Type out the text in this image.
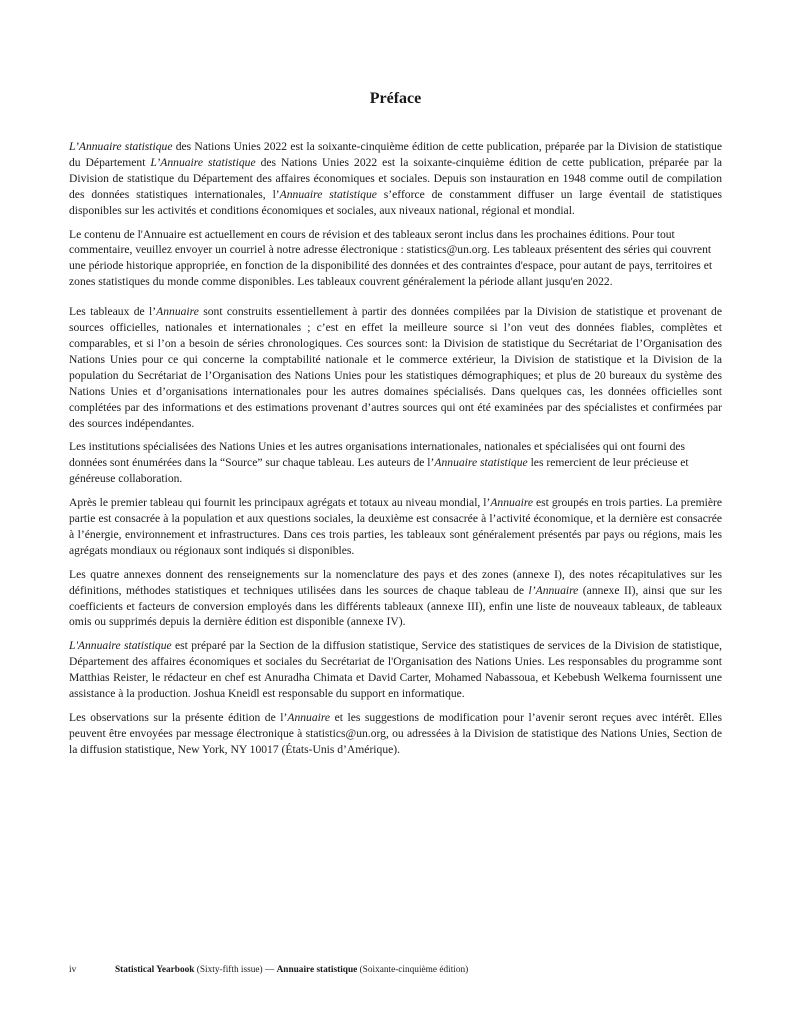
Préface

L’Annuaire statistique des Nations Unies 2022 est la soixante-cinquième édition de cette publication, préparée par la Division de statistique du Département L’Annuaire statistique des Nations Unies 2022 est la soixante-cinquième édition de cette publication, préparée par la Division de statistique du Département des affaires économiques et sociales. Depuis son instauration en 1948 comme outil de compilation des données statistiques internationales, l’Annuaire statistique s’efforce de constamment diffuser un large éventail de statistiques disponibles sur les activités et conditions économiques et sociales, aux niveaux national, régional et mondial.

Le contenu de l'Annuaire est actuellement en cours de révision et des tableaux seront inclus dans les prochaines éditions. Pour tout commentaire, veuillez envoyer un courriel à notre adresse électronique : statistics@un.org. Les tableaux présentent des séries qui couvrent une période historique appropriée, en fonction de la disponibilité des données et des contraintes d'espace, pour autant de pays, territoires et zones statistiques du monde comme disponibles. Les tableaux couvrent généralement la période allant jusqu'en 2022.

Les tableaux de l’Annuaire sont construits essentiellement à partir des données compilées par la Division de statistique et provenant de sources officielles, nationales et internationales ; c’est en effet la meilleure source si l’on veut des données fiables, complètes et comparables, et si l’on a besoin de séries chronologiques. Ces sources sont: la Division de statistique du Secrétariat de l’Organisation des Nations Unies pour ce qui concerne la comptabilité nationale et le commerce extérieur, la Division de statistique et la Division de la population du Secrétariat de l’Organisation des Nations Unies pour les statistiques démographiques; et plus de 20 bureaux du système des Nations Unies et d’organisations internationales pour les autres domaines spécialisés. Dans quelques cas, les données officielles sont complétées par des informations et des estimations provenant d’autres sources qui ont été examinées par des spécialistes et confirmées par des sources indépendantes.

Les institutions spécialisées des Nations Unies et les autres organisations internationales, nationales et spécialisées qui ont fourni des données sont énumérées dans la “Source” sur chaque tableau. Les auteurs de l’Annuaire statistique les remercient de leur précieuse et généreuse collaboration.

Après le premier tableau qui fournit les principaux agrégats et totaux au niveau mondial, l’Annuaire est groupés en trois parties. La première partie est consacrée à la population et aux questions sociales, la deuxième est consacrée à l’activité économique, et la dernière est consacrée à l’énergie, environnement et infrastructures. Dans ces trois parties, les tableaux sont généralement présentés par pays ou régions, mais les agrégats mondiaux ou régionaux sont indiqués si disponibles.

Les quatre annexes donnent des renseignements sur la nomenclature des pays et des zones (annexe I), des notes récapitulatives sur les définitions, méthodes statistiques et techniques utilisées dans les sources de chaque tableau de l’Annuaire (annexe II), ainsi que sur les coefficients et facteurs de conversion employés dans les différents tableaux (annexe III), enfin une liste de nouveaux tableaux, de tableaux omis ou supprimés depuis la dernière édition est disponible (annexe IV).

L'Annuaire statistique est préparé par la Section de la diffusion statistique, Service des statistiques de services de la Division de statistique, Département des affaires économiques et sociales du Secrétariat de l'Organisation des Nations Unies. Les responsables du programme sont Matthias Reister, le rédacteur en chef est Anuradha Chimata et David Carter, Mohamed Nabassoua, et Kebebush Welkema fournissent une assistance à la production. Joshua Kneidl est responsable du support en informatique.

Les observations sur la présente édition de l’Annuaire et les suggestions de modification pour l’avenir seront reçues avec intérêt. Elles peuvent être envoyées par message électronique à statistics@un.org, ou adressées à la Division de statistique des Nations Unies, Section de la diffusion statistique, New York, NY 10017 (États-Unis d’Amérique).

iv	Statistical Yearbook (Sixty-fifth issue) — Annuaire statistique (Soixante-cinquième édition)
